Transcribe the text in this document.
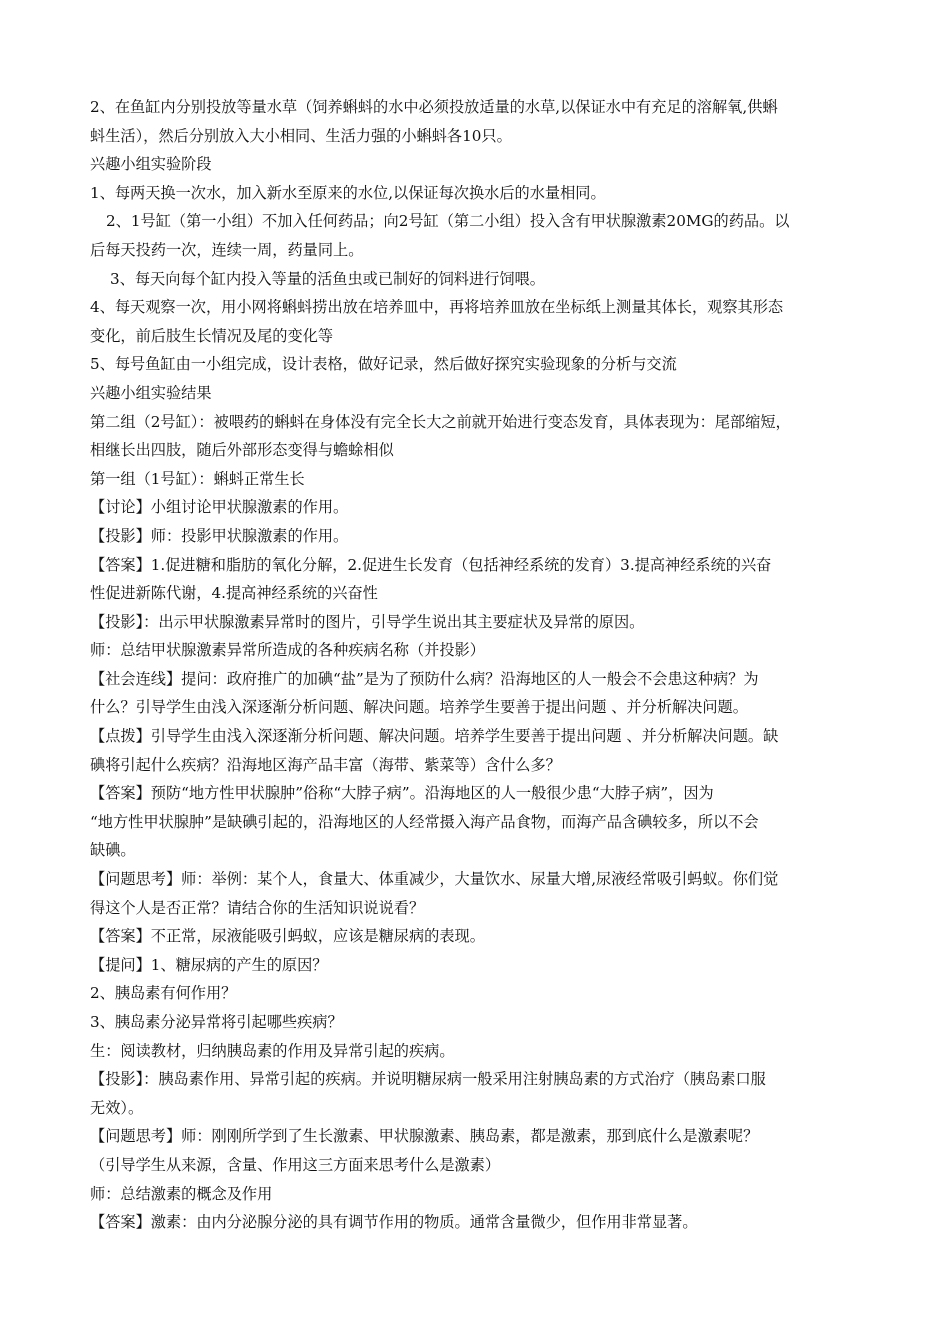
2、在鱼缸内分别投放等量水草（饲养蝌蚪的水中必须投放适量的水草,以保证水中有充足的溶解氧,供蝌
蚪生活），然后分别放入大小相同、生活力强的小蝌蚪各10只。
兴趣小组实验阶段
1、每两天换一次水，加入新水至原来的水位,以保证每次换水后的水量相同。
2、1号缸（第一小组）不加入任何药品；向2号缸（第二小组）投入含有甲状腺激素20MG的药品。以
后每天投药一次，连续一周，药量同上。
3、每天向每个缸内投入等量的活鱼虫或已制好的饲料进行饲喂。
4、每天观察一次，用小网将蝌蚪捞出放在培养皿中，再将培养皿放在坐标纸上测量其体长，观察其形态
变化，前后肢生长情况及尾的变化等
5、每号鱼缸由一小组完成，设计表格，做好记录，然后做好探究实验现象的分析与交流
兴趣小组实验结果
第二组（2号缸）：被喂药的蝌蚪在身体没有完全长大之前就开始进行变态发育，具体表现为：尾部缩短，
相继长出四肢，随后外部形态变得与蟾蜍相似
第一组（1号缸）：蝌蚪正常生长
【讨论】小组讨论甲状腺激素的作用。
【投影】师：投影甲状腺激素的作用。
【答案】1.促进糖和脂肪的氧化分解，2.促进生长发育（包括神经系统的发育）3.提高神经系统的兴奋
性促进新陈代谢，4.提高神经系统的兴奋性
【投影】：出示甲状腺激素异常时的图片，引导学生说出其主要症状及异常的原因。
师：总结甲状腺激素异常所造成的各种疾病名称（并投影）
【社会连线】提问：政府推广的加碘“盐”是为了预防什么病？沿海地区的人一般会不会患这种病？为
什么？引导学生由浅入深逐渐分析问题、解决问题。培养学生要善于提出问题 、并分析解决问题。
【点拨】引导学生由浅入深逐渐分析问题、解决问题。培养学生要善于提出问题 、并分析解决问题。缺
碘将引起什么疾病？沿海地区海产品丰富（海带、紫菜等）含什么多？
【答案】预防“地方性甲状腺肿”俗称“大脖子病”。沿海地区的人一般很少患“大脖子病”，因为
“地方性甲状腺肿”是缺碘引起的，沿海地区的人经常摄入海产品食物，而海产品含碘较多，所以不会
缺碘。
【问题思考】师：举例：某个人，食量大、体重减少，大量饮水、尿量大增,尿液经常吸引蚂蚁。你们觉
得这个人是否正常？请结合你的生活知识说说看？
【答案】不正常，尿液能吸引蚂蚁，应该是糖尿病的表现。
【提问】1、糖尿病的产生的原因？
2、胰岛素有何作用？
3、胰岛素分泌异常将引起哪些疾病？
生：阅读教材，归纳胰岛素的作用及异常引起的疾病。
【投影】：胰岛素作用、异常引起的疾病。并说明糖尿病一般采用注射胰岛素的方式治疗（胰岛素口服
无效）。
【问题思考】师：刚刚所学到了生长激素、甲状腺激素、胰岛素，都是激素，那到底什么是激素呢？
（引导学生从来源，含量、作用这三方面来思考什么是激素）
师：总结激素的概念及作用
【答案】激素：由内分泌腺分泌的具有调节作用的物质。通常含量微少，但作用非常显著。
